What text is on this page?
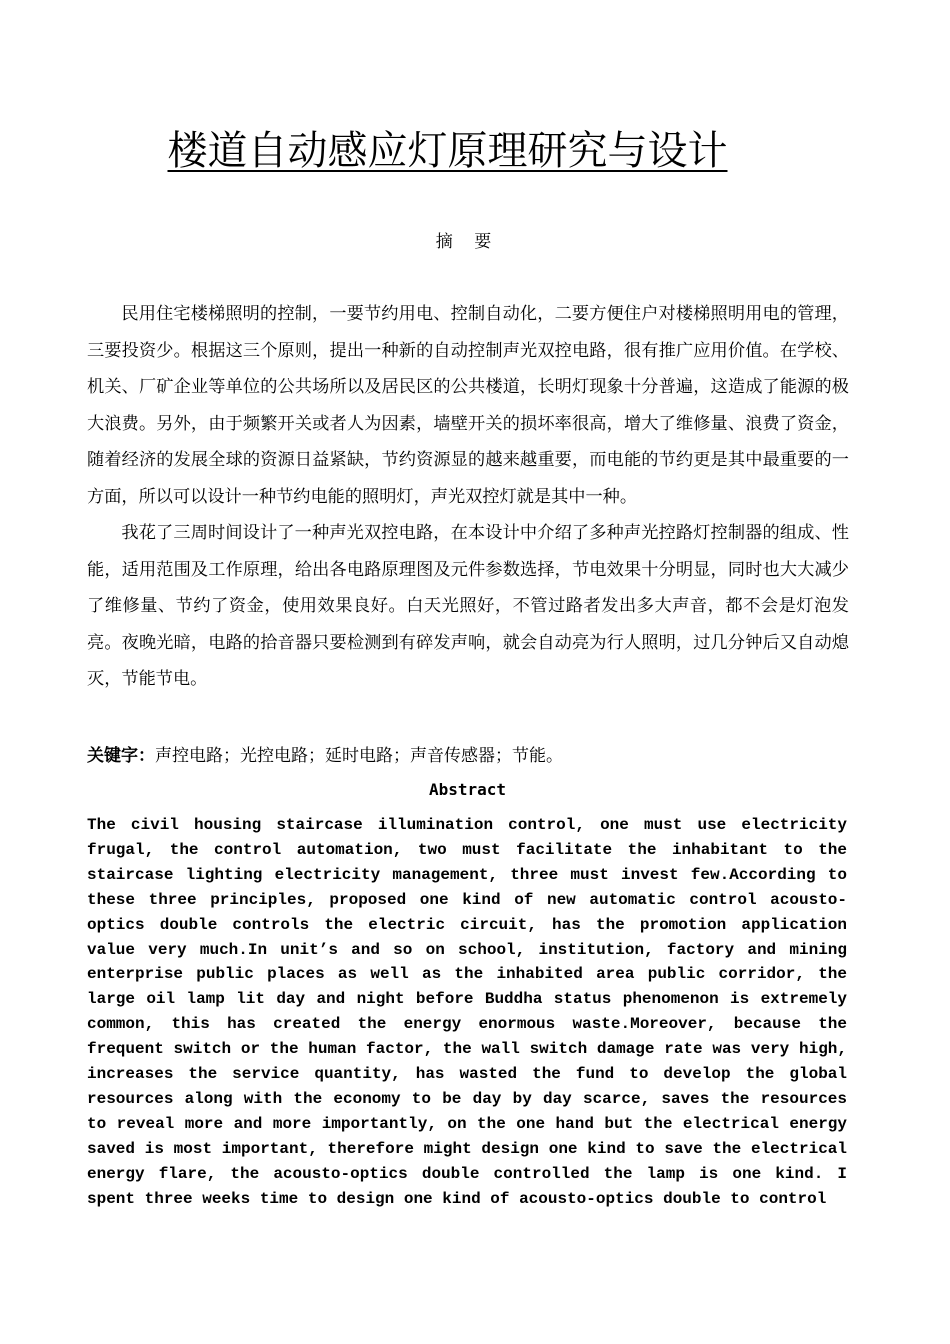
楼道自动感应灯原理研究与设计
摘 要

民用住宅楼梯照明的控制，一要节约用电、控制自动化，二要方便住户对楼梯照明用电的管理，三要投资少。根据这三个原则，提出一种新的自动控制声光双控电路，很有推广应用价值。在学校、机关、厂矿企业等单位的公共场所以及居民区的公共楼道，长明灯现象十分普遍，这造成了能源的极大浪费。另外，由于频繁开关或者人为因素，墙壁开关的损坏率很高，增大了维修量、浪费了资金，随着经济的发展全球的资源日益紧缺，节约资源显的越来越重要，而电能的节约更是其中最重要的一方面，所以可以设计一种节约电能的照明灯，声光双控灯就是其中一种。

我花了三周时间设计了一种声光双控电路，在本设计中介绍了多种声光控路灯控制器的组成、性能，适用范围及工作原理，给出各电路原理图及元件参数选择，节电效果十分明显，同时也大大减少了维修量、节约了资金，使用效果良好。白天光照好，不管过路者发出多大声音，都不会是灯泡发亮。夜晚光暗，电路的拾音器只要检测到有碎发声响，就会自动亮为行人照明，过几分钟后又自动熄灭，节能节电。

关键字：声控电路；光控电路；延时电路；声音传感器；节能。
Abstract

The civil housing staircase illumination control, one must use electricity frugal, the control automation, two must facilitate the inhabitant to the staircase lighting electricity management, three must invest few.According to these three principles, proposed one kind of new automatic control acousto-optics double controls the electric circuit, has the promotion application value very much.In unit’s and so on school, institution, factory and mining enterprise public places as well as the inhabited area public corridor, the large oil lamp lit day and night before Buddha status phenomenon is extremely common, this has created the energy enormous waste.Moreover, because the frequent switch or the human factor, the wall switch damage rate was very high, increases the service quantity, has wasted the fund to develop the global resources along with the economy to be day by day scarce, saves the resources to reveal more and more importantly, on the one hand but the electrical energy saved is most important, therefore might design one kind to save the electrical energy flare, the acousto-optics double controlled the lamp is one kind. I spent three weeks time to design one kind of acousto-optics double to control
